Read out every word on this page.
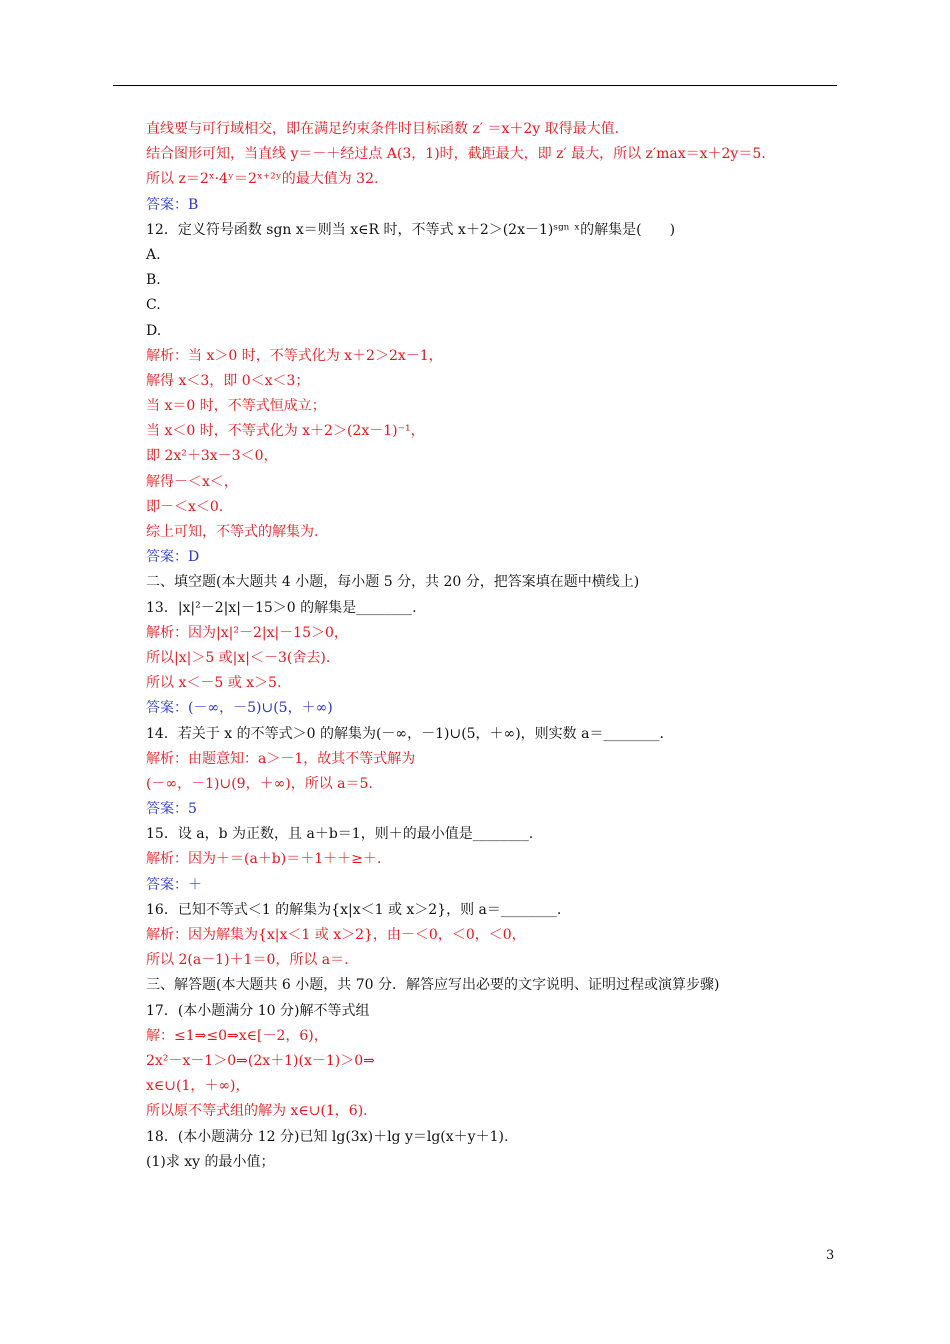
直线要与可行域相交，即在满足约束条件时目标函数 z′ ＝x＋2y 取得最大值.
结合图形可知，当直线 y＝－＋经过点 A(3，1)时，截距最大，即 z′ 最大，所以 z′max＝x＋2y＝5.
所以 z＝2ˣ·4ʸ＝2ˣ⁺²ʸ的最大值为 32.
答案：B
12．定义符号函数 sgn x＝则当 x∈R 时，不等式 x＋2＞(2x－1)ˢᵍⁿ ˣ的解集是(　　)
A.
B.
C.
D.
解析：当 x＞0 时，不等式化为 x＋2＞2x－1，
解得 x＜3，即 0＜x＜3；
当 x＝0 时，不等式恒成立；
当 x＜0 时，不等式化为 x＋2＞(2x－1)⁻¹，
即 2x²＋3x－3＜0，
解得－＜x＜，
即－＜x＜0.
综上可知，不等式的解集为.
答案：D
二、填空题(本大题共 4 小题，每小题 5 分，共 20 分，把答案填在题中横线上)
13．|x|²－2|x|－15＞0 的解集是________.
解析：因为|x|²－2|x|－15＞0，
所以|x|＞5 或|x|＜－3(舍去).
所以 x＜－5 或 x＞5.
答案：(－∞，－5)∪(5，＋∞)
14．若关于 x 的不等式＞0 的解集为(－∞，－1)∪(5，＋∞)，则实数 a＝________.
解析：由题意知：a＞－1，故其不等式解为
(－∞，－1)∪(9，＋∞)，所以 a＝5.
答案：5
15．设 a，b 为正数，且 a＋b＝1，则＋的最小值是________.
解析：因为＋＝(a＋b)＝＋1＋＋≥＋.
答案：＋
16．已知不等式＜1 的解集为{x|x＜1 或 x＞2}，则 a＝________.
解析：因为解集为{x|x＜1 或 x＞2}，由－＜0，＜0，＜0，
所以 2(a－1)＋1＝0，所以 a＝.
三、解答题(本大题共 6 小题，共 70 分．解答应写出必要的文字说明、证明过程或演算步骤)
17．(本小题满分 10 分)解不等式组
解：≤1⇒≤0⇒x∈[－2，6)，
2x²－x－1＞0⇒(2x＋1)(x－1)＞0⇒
x∈∪(1，＋∞)，
所以原不等式组的解为 x∈∪(1，6).
18．(本小题满分 12 分)已知 lg(3x)＋lg y＝lg(x＋y＋1).
(1)求 xy 的最小值；
3
